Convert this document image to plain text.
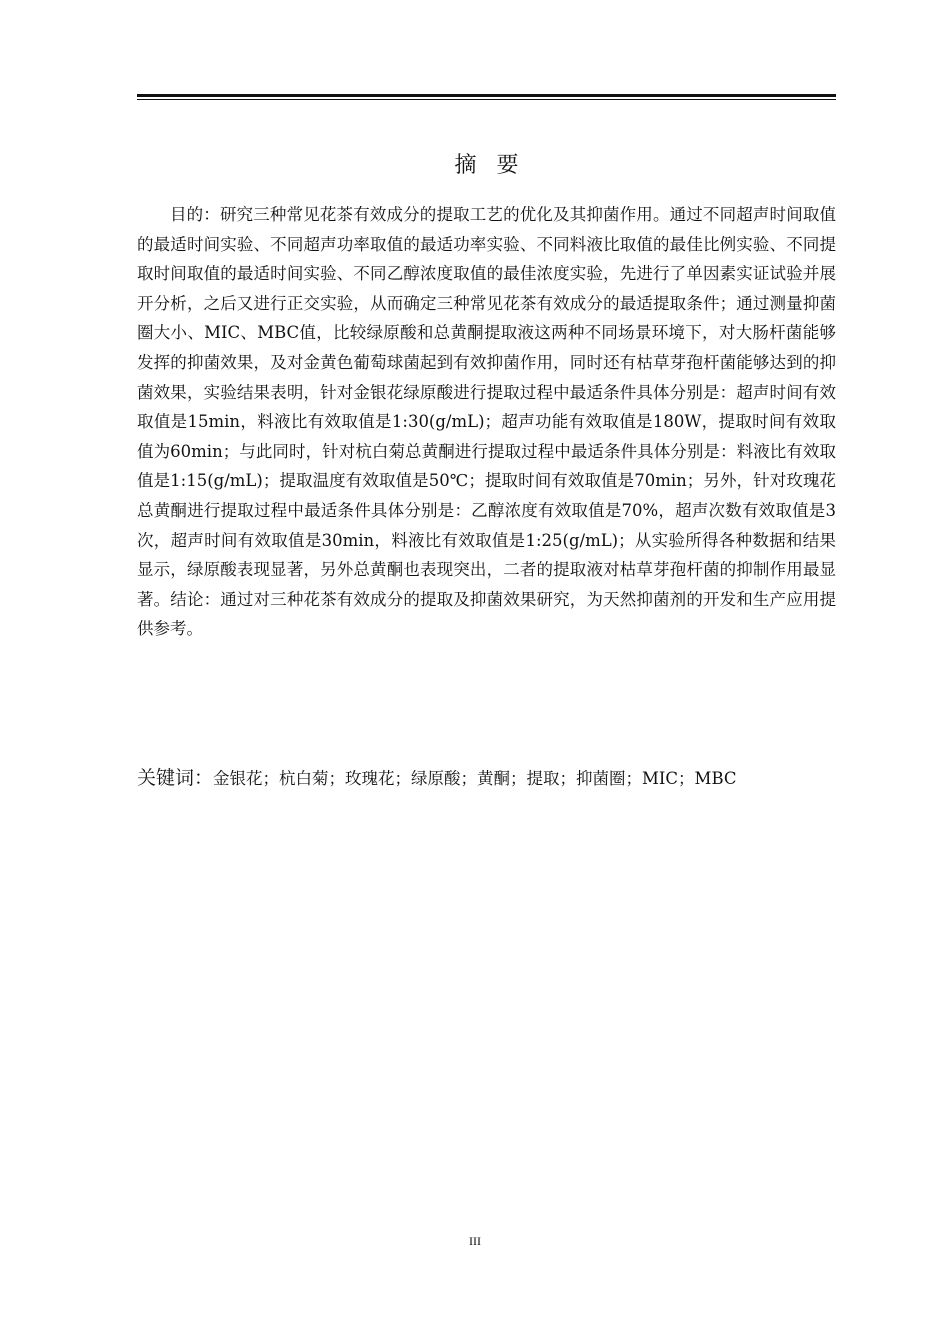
摘要

目的：研究三种常见花茶有效成分的提取工艺的优化及其抑菌作用。通过不同超声时间取值的最适时间实验、不同超声功率取值的最适功率实验、不同料液比取值的最佳比例实验、不同提取时间取值的最适时间实验、不同乙醇浓度取值的最佳浓度实验，先进行了单因素实证试验并展开分析，之后又进行正交实验，从而确定三种常见花茶有效成分的最适提取条件；通过测量抑菌圈大小、MIC、MBC值，比较绿原酸和总黄酮提取液这两种不同场景环境下，对大肠杆菌能够发挥的抑菌效果，及对金黄色葡萄球菌起到有效抑菌作用，同时还有枯草芽孢杆菌能够达到的抑菌效果，实验结果表明，针对金银花绿原酸进行提取过程中最适条件具体分别是：超声时间有效取值是15min，料液比有效取值是1:30(g/mL)；超声功能有效取值是180W，提取时间有效取值为60min；与此同时，针对杭白菊总黄酮进行提取过程中最适条件具体分别是：料液比有效取值是1:15(g/mL)；提取温度有效取值是50℃；提取时间有效取值是70min；另外，针对玫瑰花总黄酮进行提取过程中最适条件具体分别是：乙醇浓度有效取值是70%，超声次数有效取值是3次，超声时间有效取值是30min，料液比有效取值是1:25(g/mL)；从实验所得各种数据和结果显示，绿原酸表现显著，另外总黄酮也表现突出，二者的提取液对枯草芽孢杆菌的抑制作用最显著。结论：通过对三种花茶有效成分的提取及抑菌效果研究，为天然抑菌剂的开发和生产应用提供参考。

关键词：金银花；杭白菊；玫瑰花；绿原酸；黄酮；提取；抑菌圈；MIC；MBC
III
